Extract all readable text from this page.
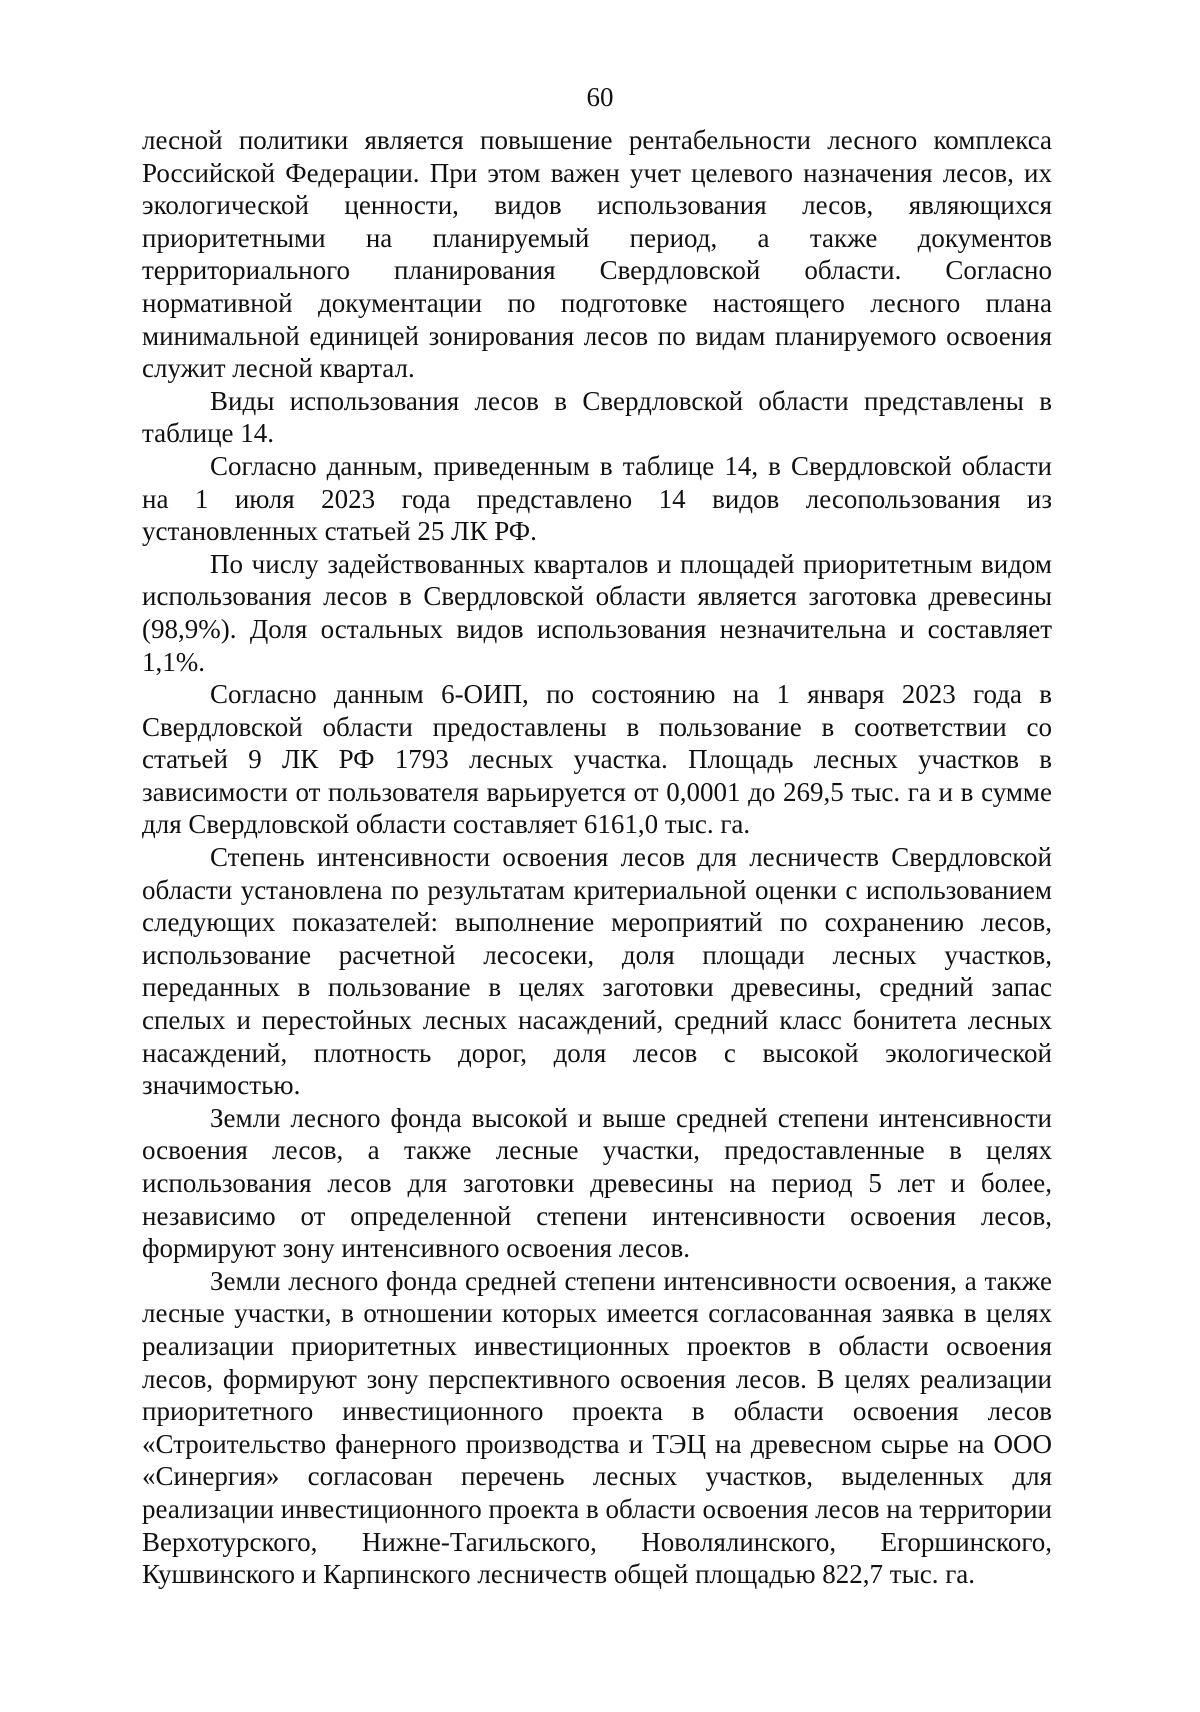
60

лесной политики является повышение рентабельности лесного комплекса Российской Федерации. При этом важен учет целевого назначения лесов, их экологической ценности, видов использования лесов, являющихся приоритетными на планируемый период, а также документов территориального планирования Свердловской области. Согласно нормативной документации по подготовке настоящего лесного плана минимальной единицей зонирования лесов по видам планируемого освоения служит лесной квартал.

Виды использования лесов в Свердловской области представлены в таблице 14.

Согласно данным, приведенным в таблице 14, в Свердловской области на 1 июля 2023 года представлено 14 видов лесопользования из установленных статьей 25 ЛК РФ.

По числу задействованных кварталов и площадей приоритетным видом использования лесов в Свердловской области является заготовка древесины (98,9%). Доля остальных видов использования незначительна и составляет 1,1%.

Согласно данным 6-ОИП, по состоянию на 1 января 2023 года в Свердловской области предоставлены в пользование в соответствии со статьей 9 ЛК РФ 1793 лесных участка. Площадь лесных участков в зависимости от пользователя варьируется от 0,0001 до 269,5 тыс. га и в сумме для Свердловской области составляет 6161,0 тыс. га.

Степень интенсивности освоения лесов для лесничеств Свердловской области установлена по результатам критериальной оценки с использованием следующих показателей: выполнение мероприятий по сохранению лесов, использование расчетной лесосеки, доля площади лесных участков, переданных в пользование в целях заготовки древесины, средний запас спелых и перестойных лесных насаждений, средний класс бонитета лесных насаждений, плотность дорог, доля лесов с высокой экологической значимостью.

Земли лесного фонда высокой и выше средней степени интенсивности освоения лесов, а также лесные участки, предоставленные в целях использования лесов для заготовки древесины на период 5 лет и более, независимо от определенной степени интенсивности освоения лесов, формируют зону интенсивного освоения лесов.

Земли лесного фонда средней степени интенсивности освоения, а также лесные участки, в отношении которых имеется согласованная заявка в целях реализации приоритетных инвестиционных проектов в области освоения лесов, формируют зону перспективного освоения лесов. В целях реализации приоритетного инвестиционного проекта в области освоения лесов «Строительство фанерного производства и ТЭЦ на древесном сырье на ООО «Синергия» согласован перечень лесных участков, выделенных для реализации инвестиционного проекта в области освоения лесов на территории Верхотурского, Нижне-Тагильского, Новолялинского, Егоршинского, Кушвинского и Карпинского лесничеств общей площадью 822,7 тыс. га.
